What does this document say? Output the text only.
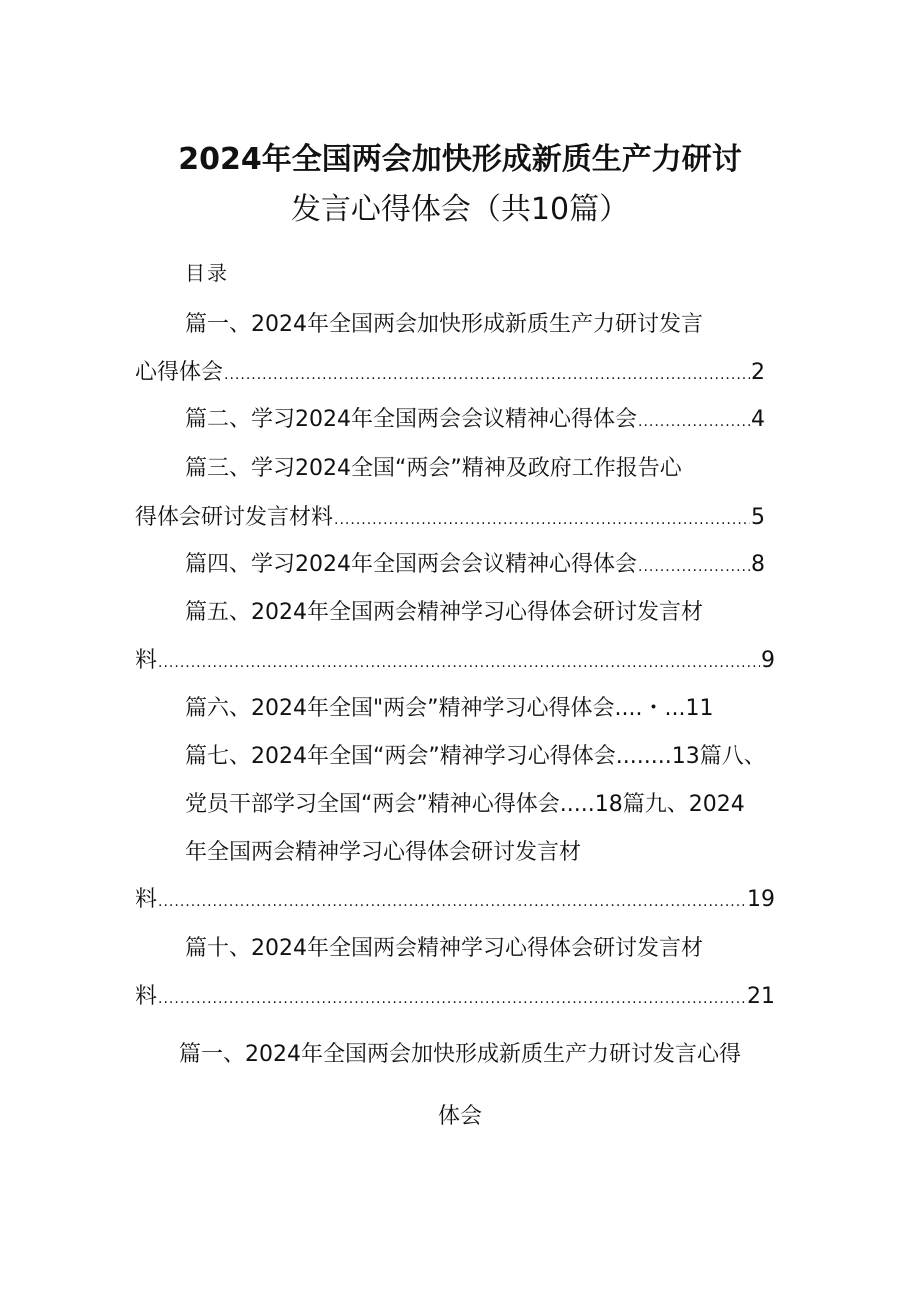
2024年全国两会加快形成新质生产力研讨
发言心得体会（共10篇）
目录
篇一、2024年全国两会加快形成新质生产力研讨发言
心得体会 .....	2
篇二、学习2024年全国两会会议精神心得体会 .....	4
篇三、学习2024全国“两会”精神及政府工作报告心
得体会研讨发言材料 .....	5
篇四、学习2024年全国两会会议精神心得体会 .....	8
篇五、2024年全国两会精神学习心得体会研讨发言材
料 .....	9
篇六、2024年全国"两会”精神学习心得体会....・...11
篇七、2024年全国“两会”精神学习心得体会........13篇八、
党员干部学习全国“两会”精神心得体会.....18篇九、2024
年全国两会精神学习心得体会研讨发言材
料 .....	19
篇十、2024年全国两会精神学习心得体会研讨发言材
料 .....	21
篇一、2024年全国两会加快形成新质生产力研讨发言心得
体会
